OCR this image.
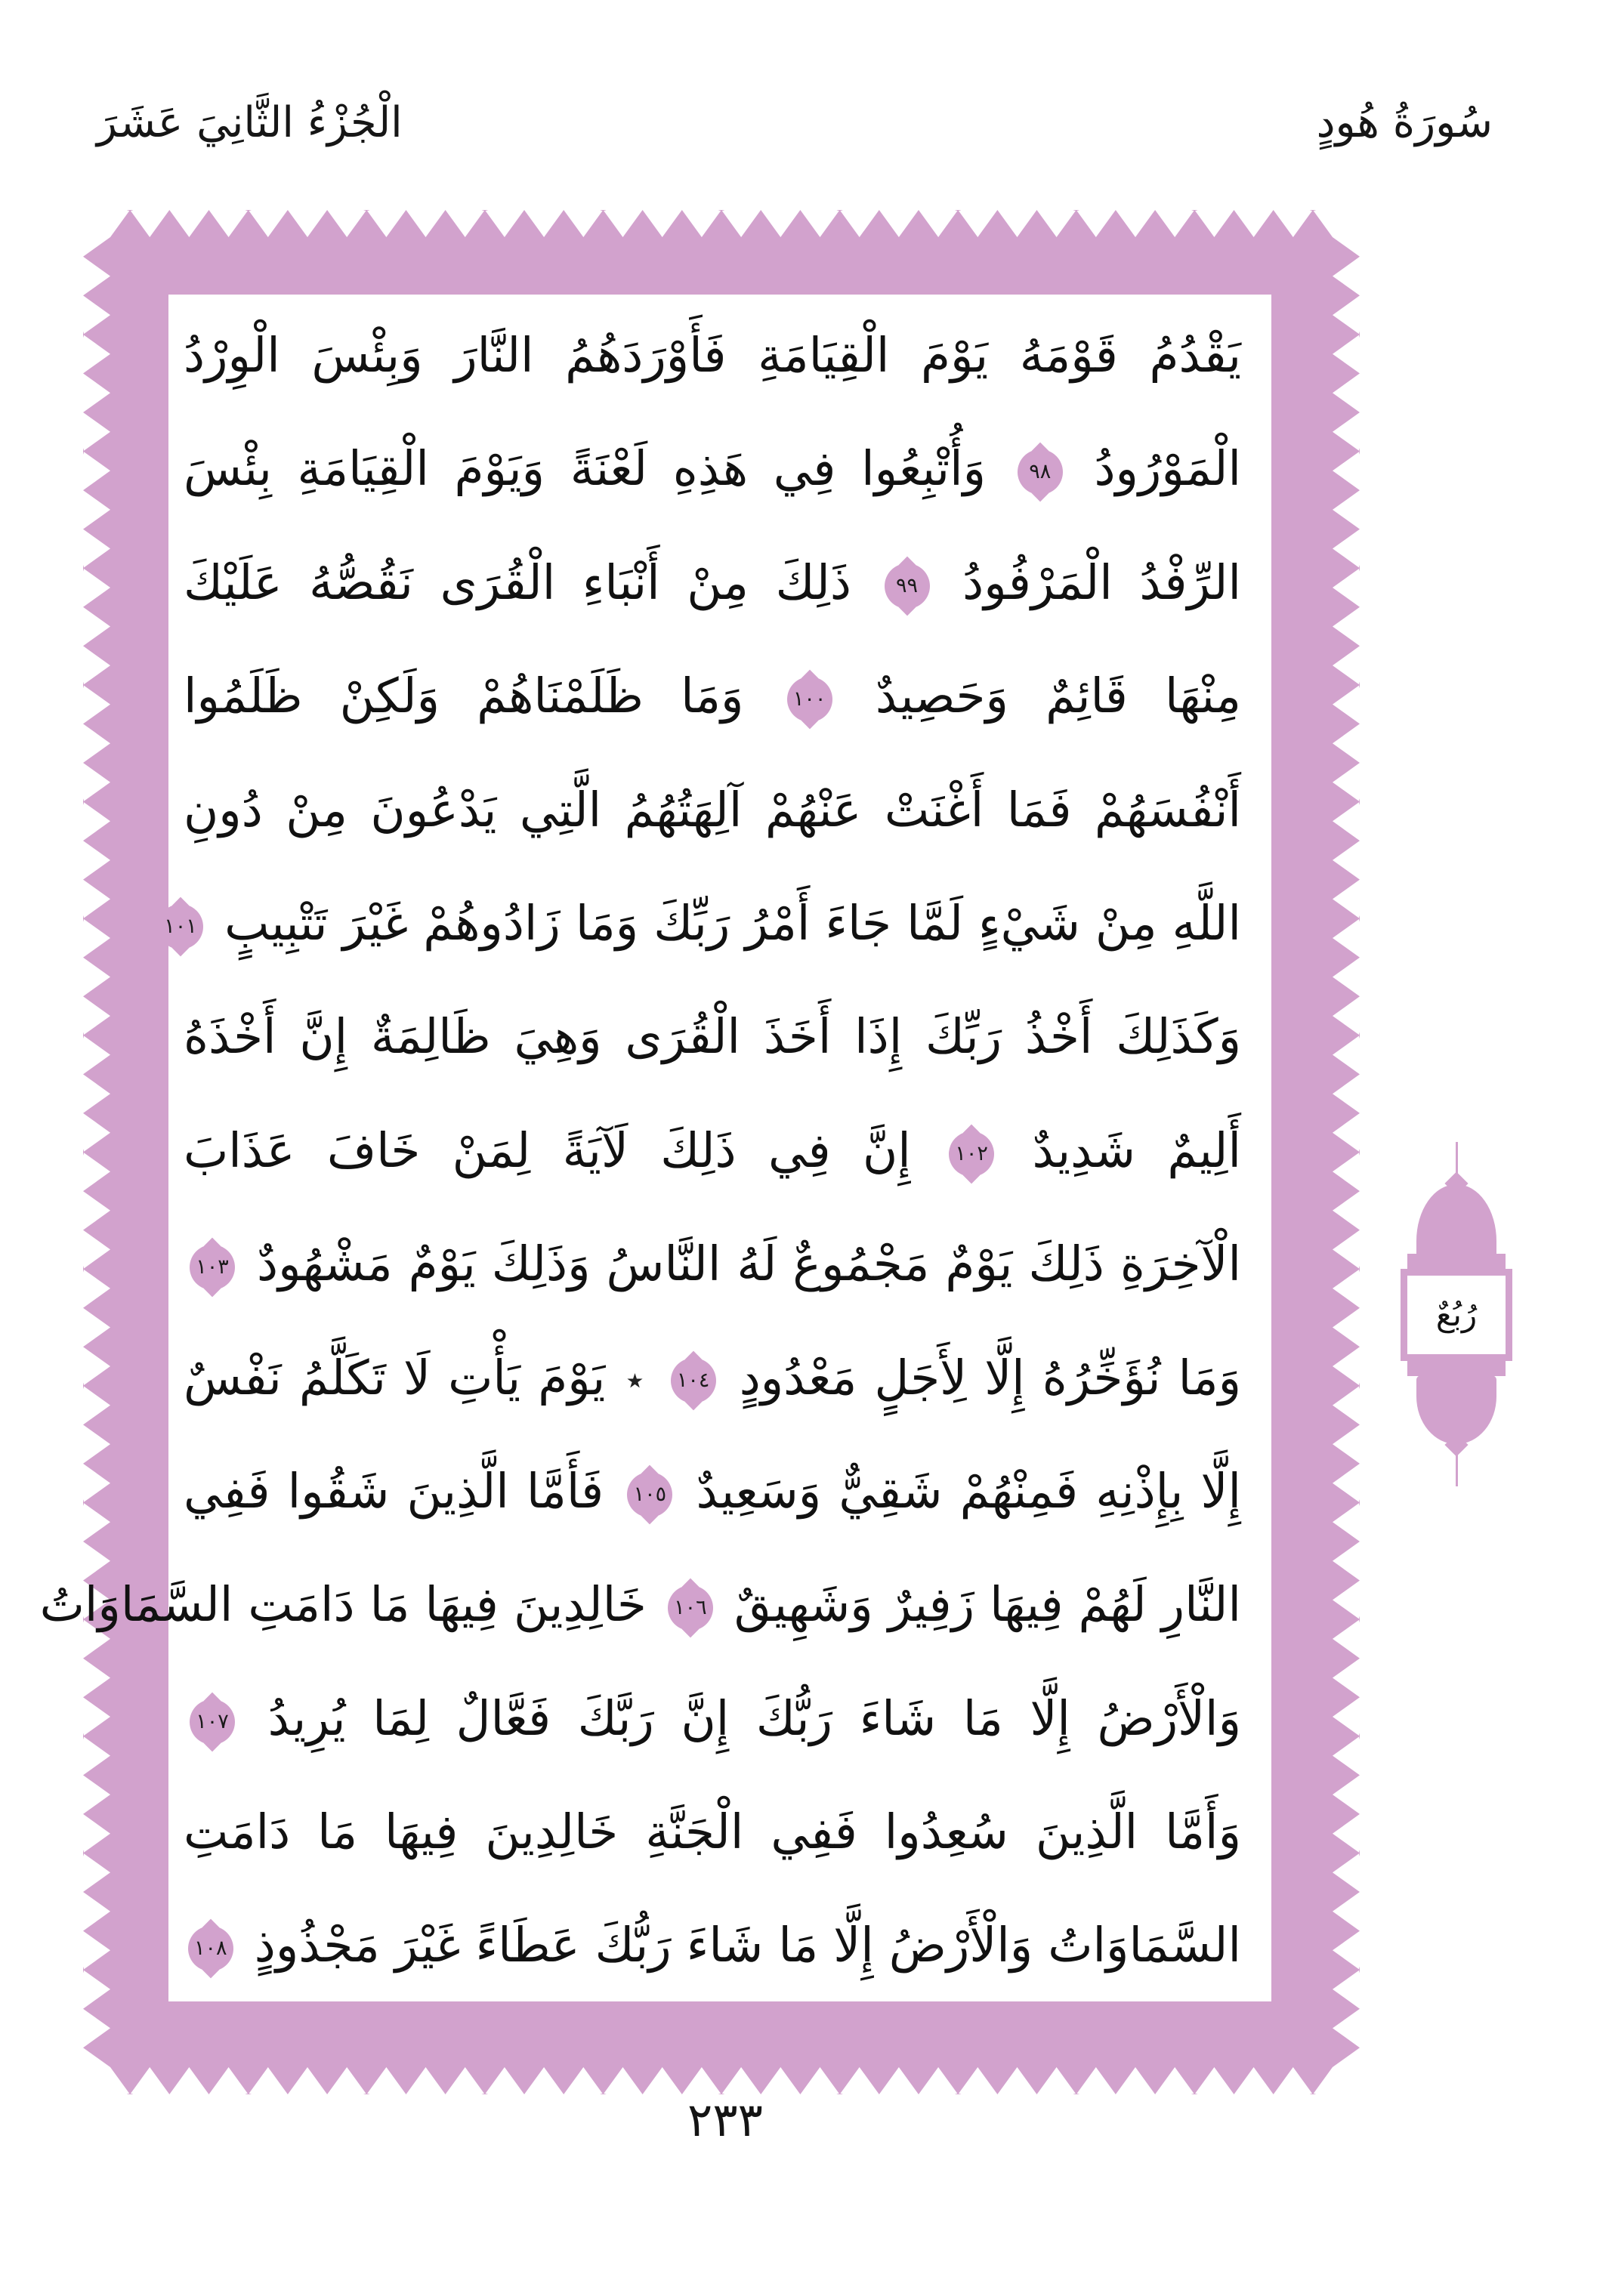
الْجُزْءُ الثَّانِيَ عَشَرَ	سُورَةُ هُودٍ
يَقْدُمُ قَوْمَهُ يَوْمَ الْقِيَامَةِ فَأَوْرَدَهُمُ النَّارَ وَبِئْسَ الْوِرْدُ
الْمَوْرُودُ
٩٨ وَأُتْبِعُوا فِي هَذِهِ لَعْنَةً وَيَوْمَ الْقِيَامَةِ بِئْسَ
الرِّفْدُ الْمَرْفُودُ
٩٩ ذَلِكَ مِنْ أَنْبَاءِ الْقُرَى نَقُصُّهُ عَلَيْكَ
مِنْهَا قَائِمٌ وَحَصِيدٌ
١٠٠ وَمَا ظَلَمْنَاهُمْ وَلَكِنْ ظَلَمُوا
أَنْفُسَهُمْ فَمَا أَغْنَتْ عَنْهُمْ آلِهَتُهُمُ الَّتِي يَدْعُونَ مِنْ دُونِ
اللَّهِ مِنْ شَيْءٍ لَمَّا جَاءَ أَمْرُ رَبِّكَ وَمَا زَادُوهُمْ غَيْرَ تَتْبِيبٍ
١٠١
وَكَذَلِكَ أَخْذُ رَبِّكَ إِذَا أَخَذَ الْقُرَى وَهِيَ ظَالِمَةٌ إِنَّ أَخْذَهُ
أَلِيمٌ شَدِيدٌ
١٠٢ إِنَّ فِي ذَلِكَ لَآيَةً لِمَنْ خَافَ عَذَابَ
الْآخِرَةِ ذَلِكَ يَوْمٌ مَجْمُوعٌ لَهُ النَّاسُ وَذَلِكَ يَوْمٌ مَشْهُودٌ
١٠٣
وَمَا نُؤَخِّرُهُ إِلَّا لِأَجَلٍ مَعْدُودٍ
١٠٤ ٭ يَوْمَ يَأْتِ لَا تَكَلَّمُ نَفْسٌ
إِلَّا بِإِذْنِهِ فَمِنْهُمْ شَقِيٌّ وَسَعِيدٌ
١٠٥ فَأَمَّا الَّذِينَ شَقُوا فَفِي
النَّارِ لَهُمْ فِيهَا زَفِيرٌ وَشَهِيقٌ
١٠٦ خَالِدِينَ فِيهَا مَا دَامَتِ السَّمَاوَاتُ
وَالْأَرْضُ إِلَّا مَا شَاءَ رَبُّكَ إِنَّ رَبَّكَ فَعَّالٌ لِمَا يُرِيدُ
١٠٧
وَأَمَّا الَّذِينَ سُعِدُوا فَفِي الْجَنَّةِ خَالِدِينَ فِيهَا مَا دَامَتِ
السَّمَاوَاتُ وَالْأَرْضُ إِلَّا مَا شَاءَ رَبُّكَ عَطَاءً غَيْرَ مَجْذُوذٍ
١٠٨
رُبُعٌ
٢٣٣
